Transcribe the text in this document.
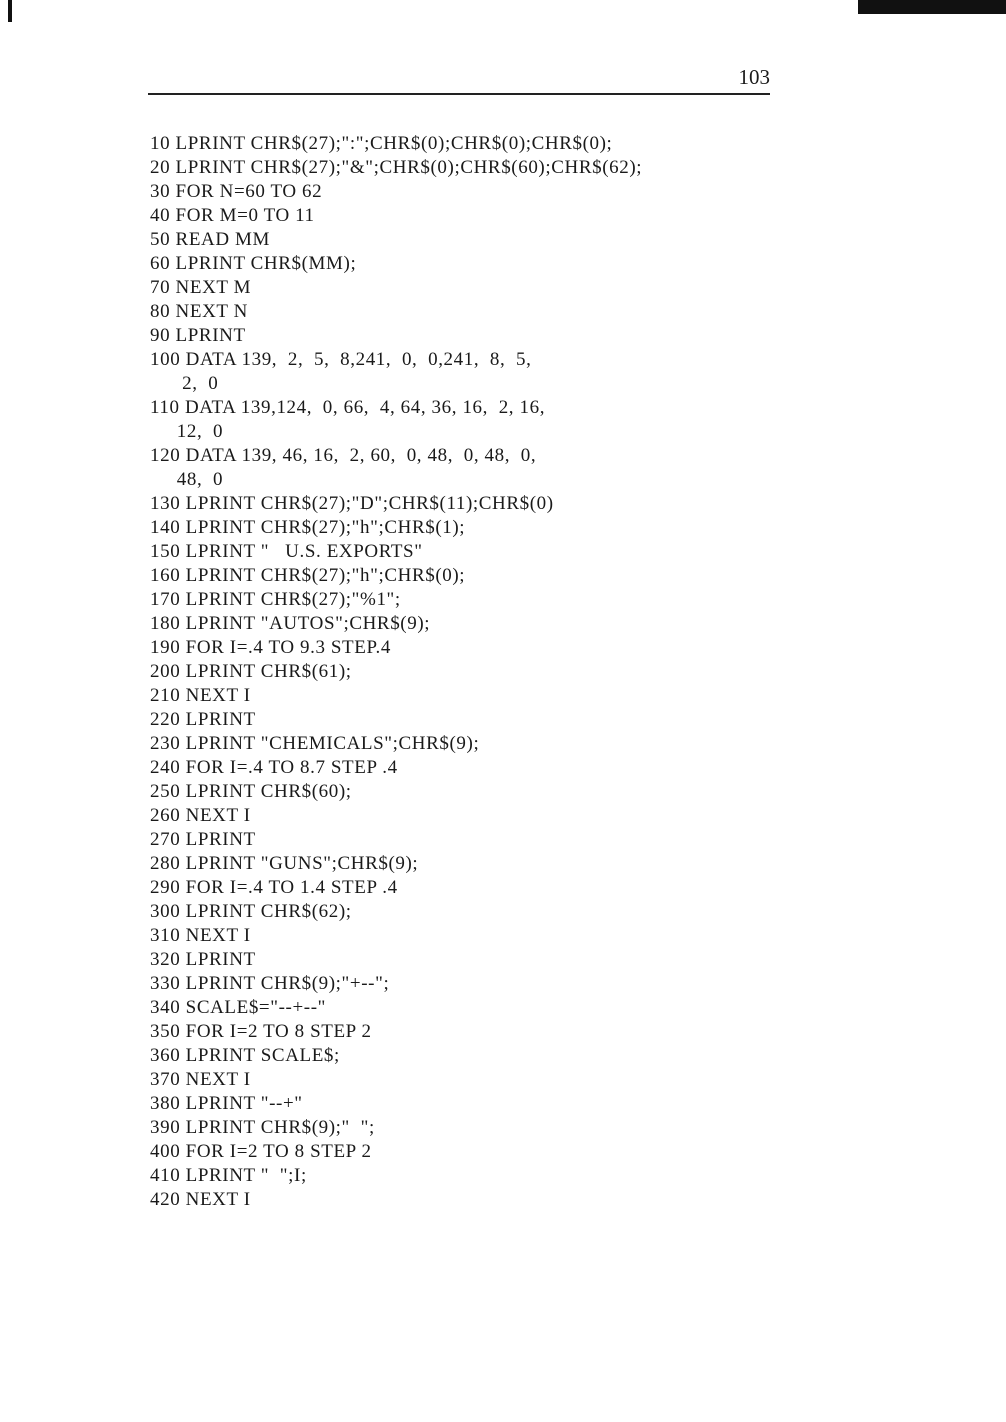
103
10 LPRINT CHR$(27);":";CHR$(0);CHR$(0);CHR$(0);
20 LPRINT CHR$(27);"&";CHR$(0);CHR$(60);CHR$(62);
30 FOR N=60 TO 62
40 FOR M=0 TO 11
50 READ MM
60 LPRINT CHR$(MM);
70 NEXT M
80 NEXT N
90 LPRINT
100 DATA 139,  2,  5,  8,241,  0,  0,241,  8,  5,
2,  0
110 DATA 139,124,  0, 66,  4, 64, 36, 16,  2, 16,
12,  0
120 DATA 139, 46, 16,  2, 60,  0, 48,  0, 48,  0,
48,  0
130 LPRINT CHR$(27);"D";CHR$(11);CHR$(0)
140 LPRINT CHR$(27);"h";CHR$(1);
150 LPRINT "   U.S. EXPORTS"
160 LPRINT CHR$(27);"h";CHR$(0);
170 LPRINT CHR$(27);"%1";
180 LPRINT "AUTOS";CHR$(9);
190 FOR I=.4 TO 9.3 STEP.4
200 LPRINT CHR$(61);
210 NEXT I
220 LPRINT
230 LPRINT "CHEMICALS";CHR$(9);
240 FOR I=.4 TO 8.7 STEP .4
250 LPRINT CHR$(60);
260 NEXT I
270 LPRINT
280 LPRINT "GUNS";CHR$(9);
290 FOR I=.4 TO 1.4 STEP .4
300 LPRINT CHR$(62);
310 NEXT I
320 LPRINT
330 LPRINT CHR$(9);"+--";
340 SCALE$="--+--"
350 FOR I=2 TO 8 STEP 2
360 LPRINT SCALE$;
370 NEXT I
380 LPRINT "--+"
390 LPRINT CHR$(9);"  ";
400 FOR I=2 TO 8 STEP 2
410 LPRINT "  ";I;
420 NEXT I
